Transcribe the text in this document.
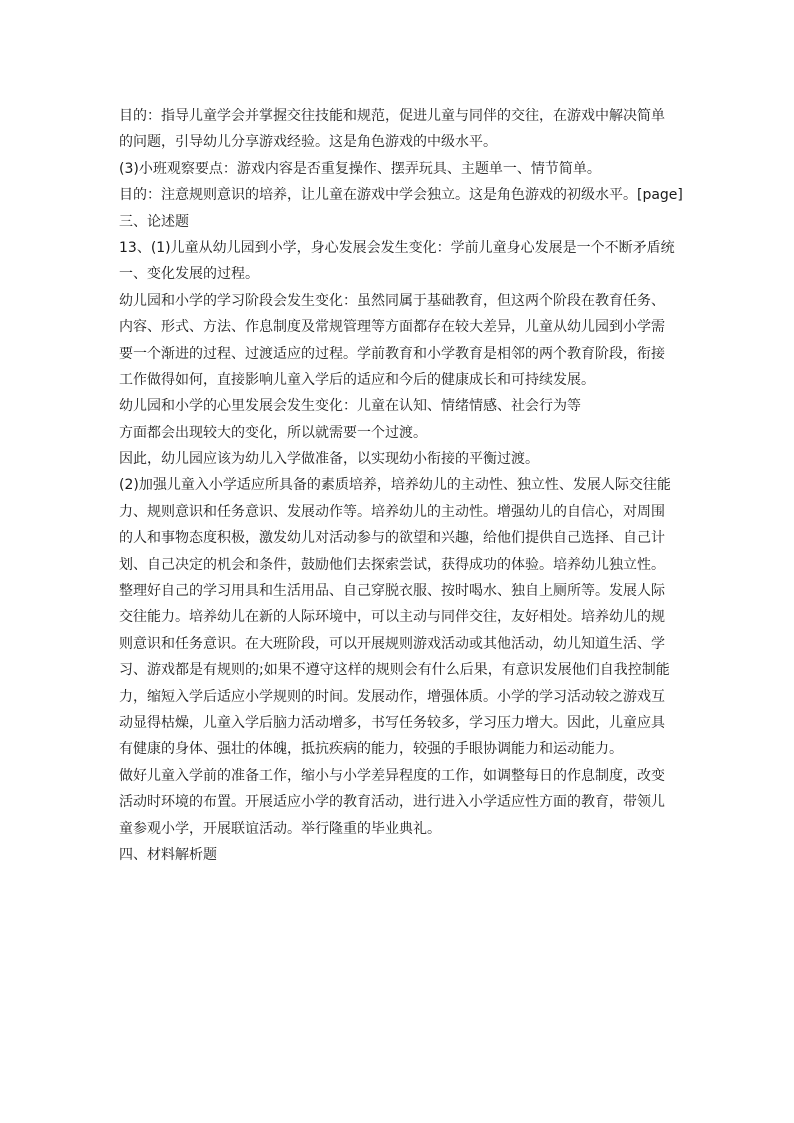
目的：指导儿童学会并掌握交往技能和规范，促进儿童与同伴的交往，在游戏中解决简单
的问题，引导幼儿分享游戏经验。这是角色游戏的中级水平。
(3)小班观察要点：游戏内容是否重复操作、摆弄玩具、主题单一、情节简单。
目的：注意规则意识的培养，让儿童在游戏中学会独立。这是角色游戏的初级水平。[page]
三、论述题
13、(1)儿童从幼儿园到小学，身心发展会发生变化：学前儿童身心发展是一个不断矛盾统
一、变化发展的过程。
幼儿园和小学的学习阶段会发生变化：虽然同属于基础教育，但这两个阶段在教育任务、
内容、形式、方法、作息制度及常规管理等方面都存在较大差异，儿童从幼儿园到小学需
要一个渐进的过程、过渡适应的过程。学前教育和小学教育是相邻的两个教育阶段，衔接
工作做得如何，直接影响儿童入学后的适应和今后的健康成长和可持续发展。
幼儿园和小学的心里发展会发生变化：儿童在认知、情绪情感、社会行为等
方面都会出现较大的变化，所以就需要一个过渡。
因此，幼儿园应该为幼儿入学做准备，以实现幼小衔接的平衡过渡。
(2)加强儿童入小学适应所具备的素质培养，培养幼儿的主动性、独立性、发展人际交往能
力、规则意识和任务意识、发展动作等。培养幼儿的主动性。增强幼儿的自信心，对周围
的人和事物态度积极，激发幼儿对活动参与的欲望和兴趣，给他们提供自己选择、自己计
划、自己决定的机会和条件，鼓励他们去探索尝试，获得成功的体验。培养幼儿独立性。
整理好自己的学习用具和生活用品、自己穿脱衣服、按时喝水、独自上厕所等。发展人际
交往能力。培养幼儿在新的人际环境中，可以主动与同伴交往，友好相处。培养幼儿的规
则意识和任务意识。在大班阶段，可以开展规则游戏活动或其他活动，幼儿知道生活、学
习、游戏都是有规则的;如果不遵守这样的规则会有什么后果，有意识发展他们自我控制能
力，缩短入学后适应小学规则的时间。发展动作，增强体质。小学的学习活动较之游戏互
动显得枯燥，儿童入学后脑力活动增多，书写任务较多，学习压力增大。因此，儿童应具
有健康的身体、强壮的体魄，抵抗疾病的能力，较强的手眼协调能力和运动能力。
做好儿童入学前的准备工作，缩小与小学差异程度的工作，如调整每日的作息制度，改变
活动时环境的布置。开展适应小学的教育活动，进行进入小学适应性方面的教育，带领儿
童参观小学，开展联谊活动。举行隆重的毕业典礼。
四、材料解析题
